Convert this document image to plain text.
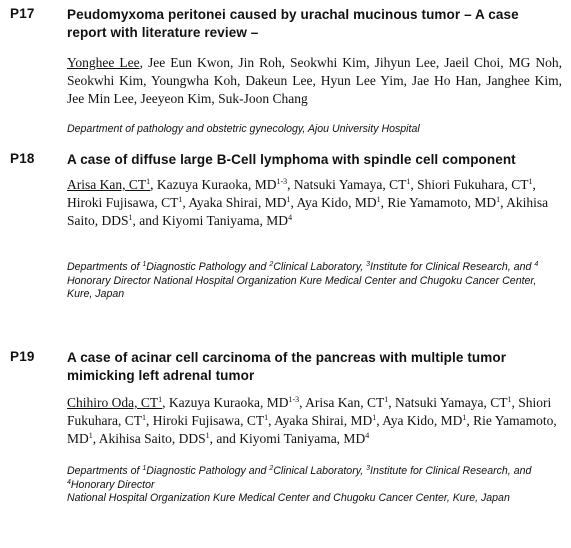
P17 Peudomyxoma peritonei caused by urachal mucinous tumor – A case report with literature review –
Yonghee Lee, Jee Eun Kwon, Jin Roh, Seokwhi Kim, Jihyun Lee, Jaeil Choi, MG Noh, Seokwhi Kim, Youngwha Koh, Dakeun Lee, Hyun Lee Yim, Jae Ho Han, Janghee Kim, Jee Min Lee, Jeeyeon Kim, Suk-Joon Chang
Department of pathology and obstetric gynecology, Ajou University Hospital
P18 A case of diffuse large B-Cell lymphoma with spindle cell component
Arisa Kan, $CT^1$, Kazuya Kuraoka, MD$^{1-3}$, Natsuki Yamaya, $CT^1$, Shiori Fukuhara, $CT^1$, Hiroki Fujisawa, $CT^1$, Ayaka Shirai, $MD^1$, Aya Kido, $MD^1$, Rie Yamamoto, $MD^1$, Akihisa Saito, DDS$^1$, and Kiyomi Taniyama, $MD^4$
Departments of $^1$Diagnostic Pathology and $^2$Clinical Laboratory, $^3$Institute for Clinical Research, and $^4$
Honorary Director National Hospital Organization Kure Medical Center and Chugoku Cancer Center, Kure, Japan
P19 A case of acinar cell carcinoma of the pancreas with multiple tumor mimicking left adrenal tumor
Chihiro Oda, $CT^1$, Kazuya Kuraoka, MD$^{1-3}$, Arisa Kan, $CT^1$, Natsuki Yamaya, $CT^1$, Shiori Fukuhara, $CT^1$, Hiroki Fujisawa, $CT^1$, Ayaka Shirai, $MD^1$, Aya Kido, $MD^1$, Rie Yamamoto, $MD^1$, Akihisa Saito, DDS$^1$, and Kiyomi Taniyama, $MD^4$
Departments of $^1$Diagnostic Pathology and $^2$Clinical Laboratory, $^3$Institute for Clinical Research, and $^4$Honorary Director
National Hospital Organization Kure Medical Center and Chugoku Cancer Center, Kure, Japan
